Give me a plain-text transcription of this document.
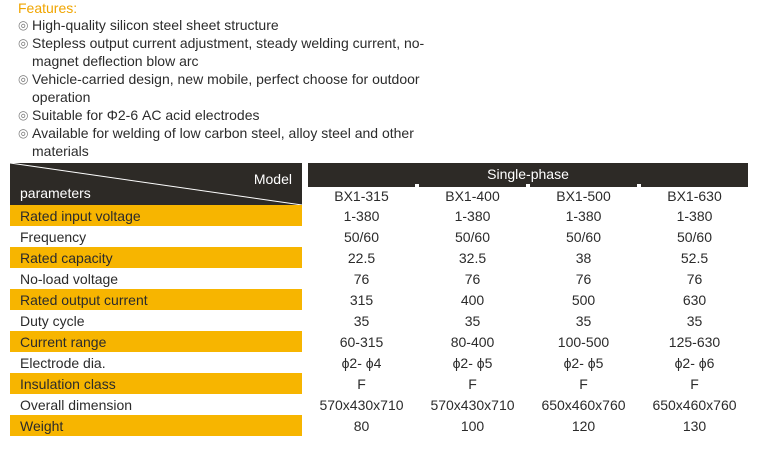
Features:
◎ High-quality silicon steel sheet structure
◎ Stepless output current adjustment, steady welding current, no-magnet deflection blow arc
◎ Vehicle-carried design, new mobile, perfect choose for outdoor operation
◎ Suitable for Φ2-6 AC acid electrodes
◎ Available for welding of low carbon steel, alloy steel and other materials
Model
parameters		Single-phase						
		BX1-315		BX1-400		BX1-500		BX1-630
Rated input voltage		1-380		1-380		1-380		1-380
Frequency		50/60		50/60		50/60		50/60
Rated capacity		22.5		32.5		38		52.5
No-load voltage		76		76		76		76
Rated output current		315		400		500		630
Duty cycle		35		35		35		35
Current range		60-315		80-400		100-500		125-630
Electrode dia.		ϕ2- ϕ4		ϕ2- ϕ5		ϕ2- ϕ5		ϕ2- ϕ6
Insulation class		F		F		F		F
Overall dimension		570x430x710		570x430x710		650x460x760		650x460x760
Weight		80		100		120		130
